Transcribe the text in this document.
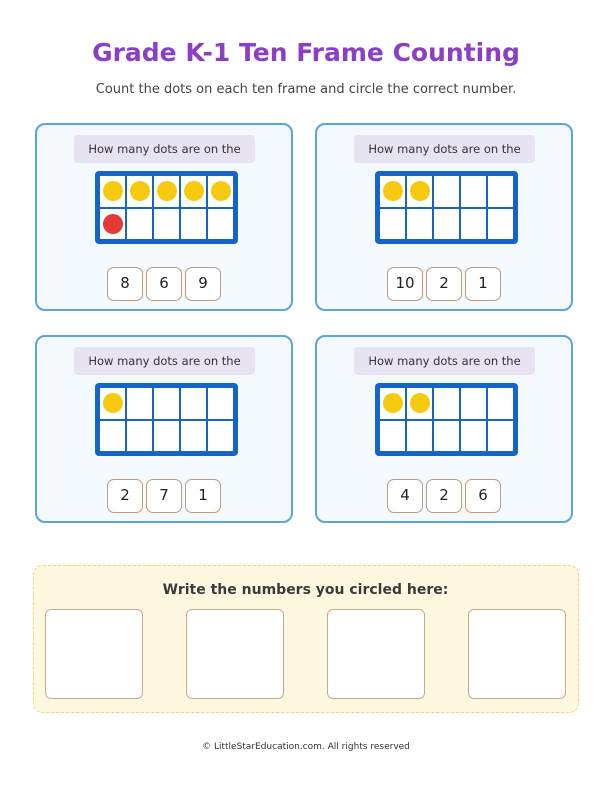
Grade K-1 Ten Frame Counting
Count the dots on each ten frame and circle the correct number.
How many dots are on the
8	6	9
How many dots are on the
10	2	1
How many dots are on the
2	7	1
How many dots are on the
4	2	6
Write the numbers you circled here:
© LittleStarEducation.com. All rights reserved
